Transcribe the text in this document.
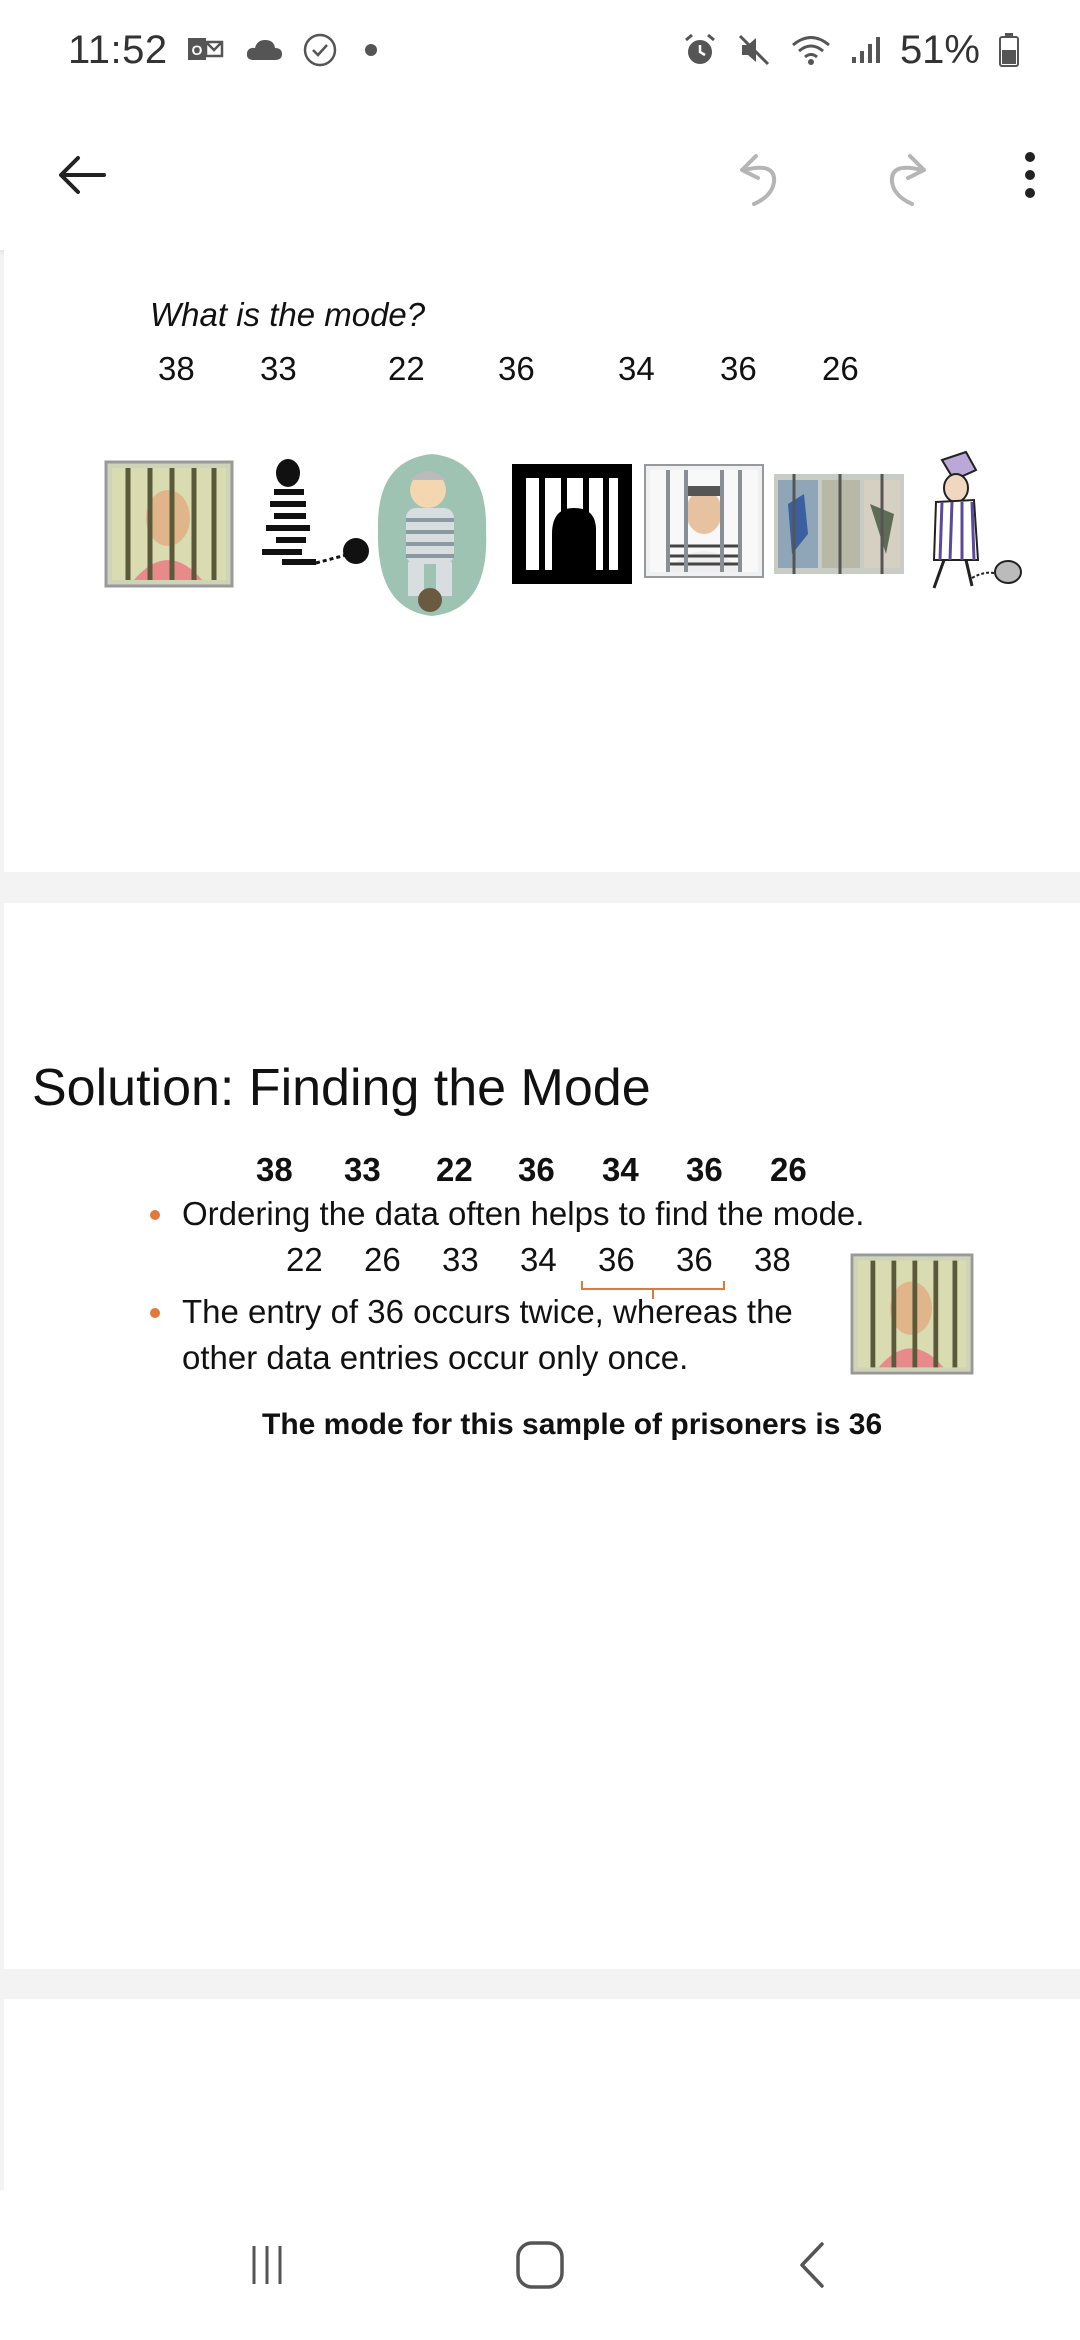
11:52 O	51%
What is the mode?
38 33	22 36	34 36 26
Solution: Finding the Mode
38 33 22 36 34 36 26
Ordering the data often helps to find the mode.
22 26 33 34 36 36 38
The entry of 36 occurs twice, whereas the
other data entries occur only once.
The mode for this sample of prisoners is 36
